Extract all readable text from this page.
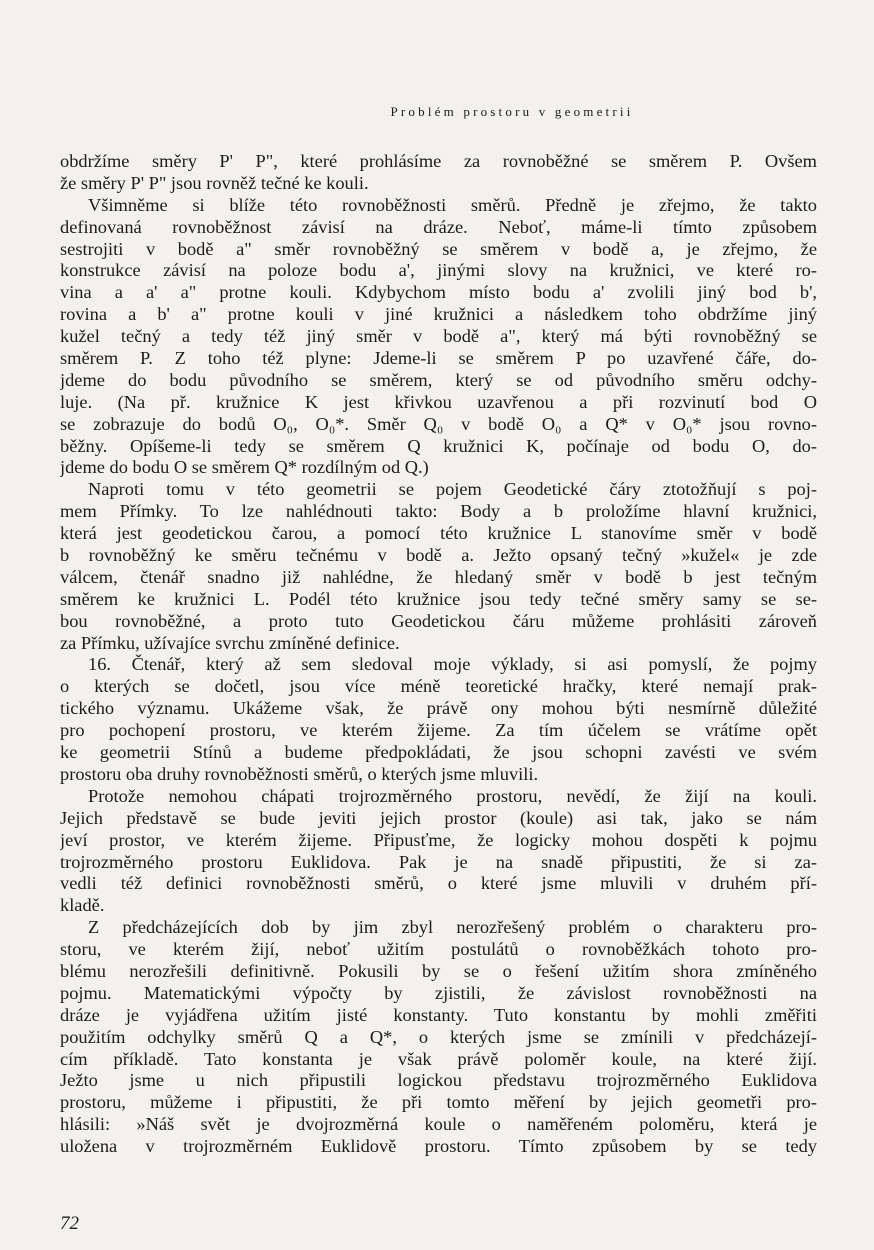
Problém prostoru v geometrii
obdržíme směry P' P", které prohlásíme za rovnoběžné se směrem P. Ovšem
že směry P' P" jsou rovněž tečné ke kouli.
Všimněme si blíže této rovnoběžnosti směrů. Předně je zřejmo, že takto
definovaná rovnoběžnost závisí na dráze. Neboť, máme-li tímto způsobem
sestrojiti v bodě a" směr rovnoběžný se směrem v bodě a, je zřejmo, že
konstrukce závisí na poloze bodu a', jinými slovy na kružnici, ve které ro-
vina a a' a" protne kouli. Kdybychom místo bodu a' zvolili jiný bod b',
rovina a b' a" protne kouli v jiné kružnici a následkem toho obdržíme jiný
kužel tečný a tedy též jiný směr v bodě a", který má býti rovnoběžný se
směrem P. Z toho též plyne: Jdeme-li se směrem P po uzavřené čáře, do-
jdeme do bodu původního se směrem, který se od původního směru odchy-
luje. (Na př. kružnice K jest křivkou uzavřenou a při rozvinutí bod O
se zobrazuje do bodů O₀, O₀*. Směr Q₀ v bodě O₀ a Q* v O₀* jsou rovno-
běžny. Opíšeme-li tedy se směrem Q kružnici K, počínaje od bodu O, do-
jdeme do bodu O se směrem Q* rozdílným od Q.)
Naproti tomu v této geometrii se pojem Geodetické čáry ztotožňují s poj-
mem Přímky. To lze nahlédnouti takto: Body a b proložíme hlavní kružnici,
která jest geodetickou čarou, a pomocí této kružnice L stanovíme směr v bodě
b rovnoběžný ke směru tečnému v bodě a. Ježto opsaný tečný »kužel« je zde
válcem, čtenář snadno již nahlédne, že hledaný směr v bodě b jest tečným
směrem ke kružnici L. Podél této kružnice jsou tedy tečné směry samy se se-
bou rovnoběžné, a proto tuto Geodetickou čáru můžeme prohlásiti zároveň
za Přímku, užívajíce svrchu zmíněné definice.
16. Čtenář, který až sem sledoval moje výklady, si asi pomyslí, že pojmy
o kterých se dočetl, jsou více méně teoretické hračky, které nemají prak-
tického významu. Ukážeme však, že právě ony mohou býti nesmírně důležité
pro pochopení prostoru, ve kterém žijeme. Za tím účelem se vrátíme opět
ke geometrii Stínů a budeme předpokládati, že jsou schopni zavésti ve svém
prostoru oba druhy rovnoběžnosti směrů, o kterých jsme mluvili.
Protože nemohou chápati trojrozměrného prostoru, nevědí, že žijí na kouli.
Jejich představě se bude jeviti jejich prostor (koule) asi tak, jako se nám
jeví prostor, ve kterém žijeme. Připusťme, že logicky mohou dospěti k pojmu
trojrozměrného prostoru Euklidova. Pak je na snadě připustiti, že si za-
vedli též definici rovnoběžnosti směrů, o které jsme mluvili v druhém pří-
kladě.
Z předcházejících dob by jim zbyl nerozřešený problém o charakteru pro-
storu, ve kterém žijí, neboť užitím postulátů o rovnoběžkách tohoto pro-
blému nerozřešili definitivně. Pokusili by se o řešení užitím shora zmíněného
pojmu. Matematickými výpočty by zjistili, že závislost rovnoběžnosti na
dráze je vyjádřena užitím jisté konstanty. Tuto konstantu by mohli změřiti
použitím odchylky směrů Q a Q*, o kterých jsme se zmínili v předcházejí-
cím příkladě. Tato konstanta je však právě poloměr koule, na které žijí.
Ježto jsme u nich připustili logickou představu trojrozměrného Euklidova
prostoru, můžeme i připustiti, že při tomto měření by jejich geometři pro-
hlásili: »Náš svět je dvojrozměrná koule o naměřeném poloměru, která je
uložena v trojrozměrném Euklidově prostoru. Tímto způsobem by se tedy
72
